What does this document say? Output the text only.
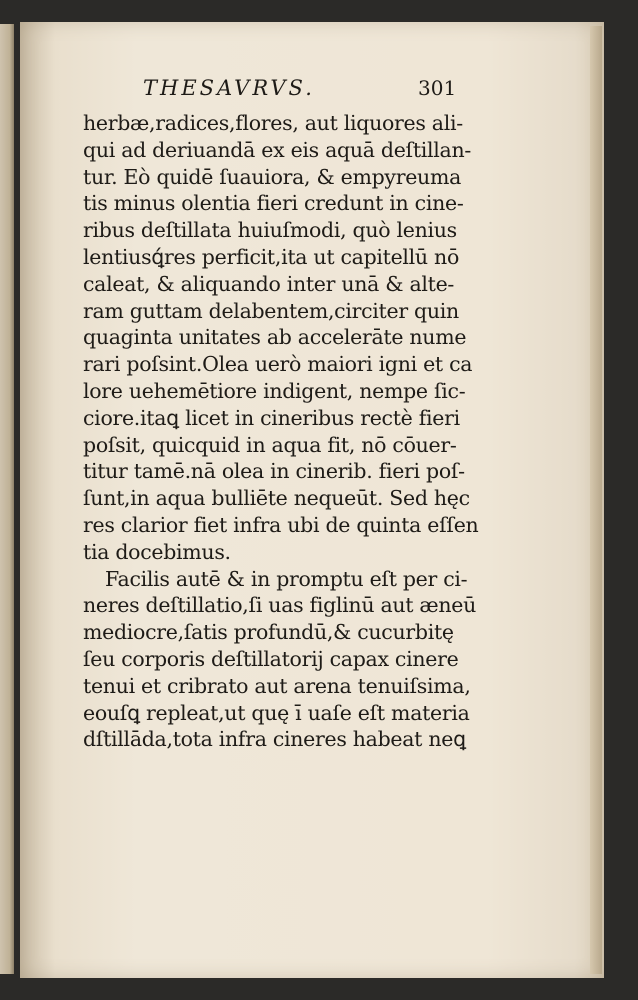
THESAVRVS.	301
herbæ,radices,flores, aut liquores ali-
qui ad deriuandā ex eis aquā deſtillan-
tur. Eò quidē ſuauiora, & empyreuma
tis minus olentia fieri credunt in cine-
ribus deſtillata huiuſmodi, quò lenius
lentiusꝗ́res perficit,ita ut capitellū nō
caleat, & aliquando inter unā & alte-
ram guttam delabentem,circiter quin
quaginta unitates ab accelerāte nume
rari poſsint.Olea uerò maiori igni et ca
lore uehemētiore indigent, nempe ſic-
ciore.itaꝗ licet in cineribus rectè fieri
poſsit, quicquid in aqua fit, nō cōuer-
titur tamē.nā olea in cinerib. fieri poſ-
ſunt,in aqua bulliēte nequeūt. Sed hęc
res clarior fiet infra ubi de quinta eſſen
tia docebimus.
Facilis autē & in promptu eſt per ci-
neres deſtillatio,ſi uas figlinū aut æneū
mediocre,ſatis profundū,& cucurbitę
ſeu corporis deſtillatorij capax cinere
tenui et cribrato aut arena tenuiſsima,
eouſꝗ repleat,ut quę ī uaſe eſt materia
dſtillāda,tota infra cineres habeat neꝗ
